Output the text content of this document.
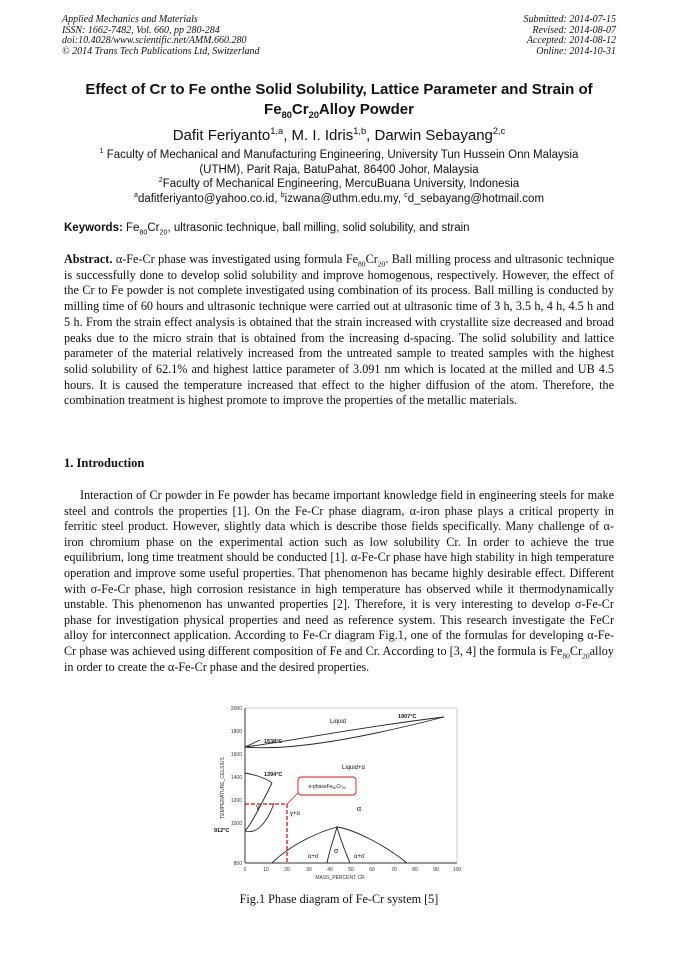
Applied Mechanics and Materials
ISSN: 1662-7482, Vol. 660, pp 280-284
doi:10.4028/www.scientific.net/AMM.660.280
© 2014 Trans Tech Publications Ltd, Switzerland
Submitted: 2014-07-15
Revised: 2014-08-07
Accepted: 2014-08-12
Online: 2014-10-31
Effect of Cr to Fe onthe Solid Solubility, Lattice Parameter and Strain of
$Fe_{80}Cr_{20}Alloy$ Powder
Dafit Feriyanto$^{1,a}$, M. I. Idris$^{1,b}$, Darwin Sebayang$^{2,c}$
$^1$ Faculty of Mechanical and Manufacturing Engineering, University Tun Hussein Onn Malaysia
(UTHM), Parit Raja, BatuPahat, 86400 Johor, Malaysia
$^2$Faculty of Mechanical Engineering, MercuBuana University, Indonesia
$^a$dafitferiyanto@yahoo.co.id, $^b$izwana@uthm.edu.my, $^c$d_sebayang@hotmail.com
Keywords: $Fe_{80}Cr_{20}$, ultrasonic technique, ball milling, solid solubility, and strain
Abstract. α-Fe-Cr phase was investigated using formula $Fe_{80}Cr_{20}$. Ball milling process and ultrasonic technique is successfully done to develop solid solubility and improve homogenous, respectively. However, the effect of the Cr to Fe powder is not complete investigated using combination of its process. Ball milling is conducted by milling time of 60 hours and ultrasonic technique were carried out at ultrasonic time of 3 h, 3.5 h, 4 h, 4.5 h and 5 h. From the strain effect analysis is obtained that the strain increased with crystallite size decreased and broad peaks due to the micro strain that is obtained from the increasing d-spacing. The solid solubility and lattice parameter of the material relatively increased from the untreated sample to treated samples with the highest solid solubility of 62.1% and highest lattice parameter of 3.091 nm which is located at the milled and UB 4.5 hours. It is caused the temperature increased that effect to the higher diffusion of the atom. Therefore, the combination treatment is highest promote to improve the properties of the metallic materials.
1. Introduction
Interaction of Cr powder in Fe powder has became important knowledge field in engineering steels for make steel and controls the properties [1]. On the Fe-Cr phase diagram, α-iron phase plays a critical property in ferritic steel product. However, slightly data which is describe those fields specifically. Many challenge of α-iron chromium phase on the experimental action such as low solubility Cr. In order to achieve the true equilibrium, long time treatment should be conducted [1]. α-Fe-Cr phase have high stability in high temperature operation and improve some useful properties. That phenomenon has became highly desirable effect. Different with σ-Fe-Cr phase, high corrosion resistance in high temperature has observed while it thermodynamically unstable. This phenomenon has unwanted properties [2]. Therefore, it is very interesting to develop σ-Fe-Cr phase for investigation physical properties and need as reference system. This research investigate the FeCr alloy for interconnect application. According to Fe-Cr diagram Fig.1, one of the formulas for developing α-Fe-Cr phase was achieved using different composition of Fe and Cr. According to [3, 4] the formula is $Fe_{80}Cr_{20}alloy$ in order to create the α-Fe-Cr phase and the desired properties.
2000
1800
1600
1400
1200
1000
800
0	10	20	30	40	50	60	70	80	90	100
MASS_PERCENT CR
TEMPERATURE_CELSIUS	$\alpha-phaseFe_{80}Cr_{20}$
Liquid
Liquid+α
α
γ
γ+α
σ
α+σ	α+σ
1907°C
1538°C
1394°C
912°C
Fig.1 Phase diagram of Fe-Cr system [5]
